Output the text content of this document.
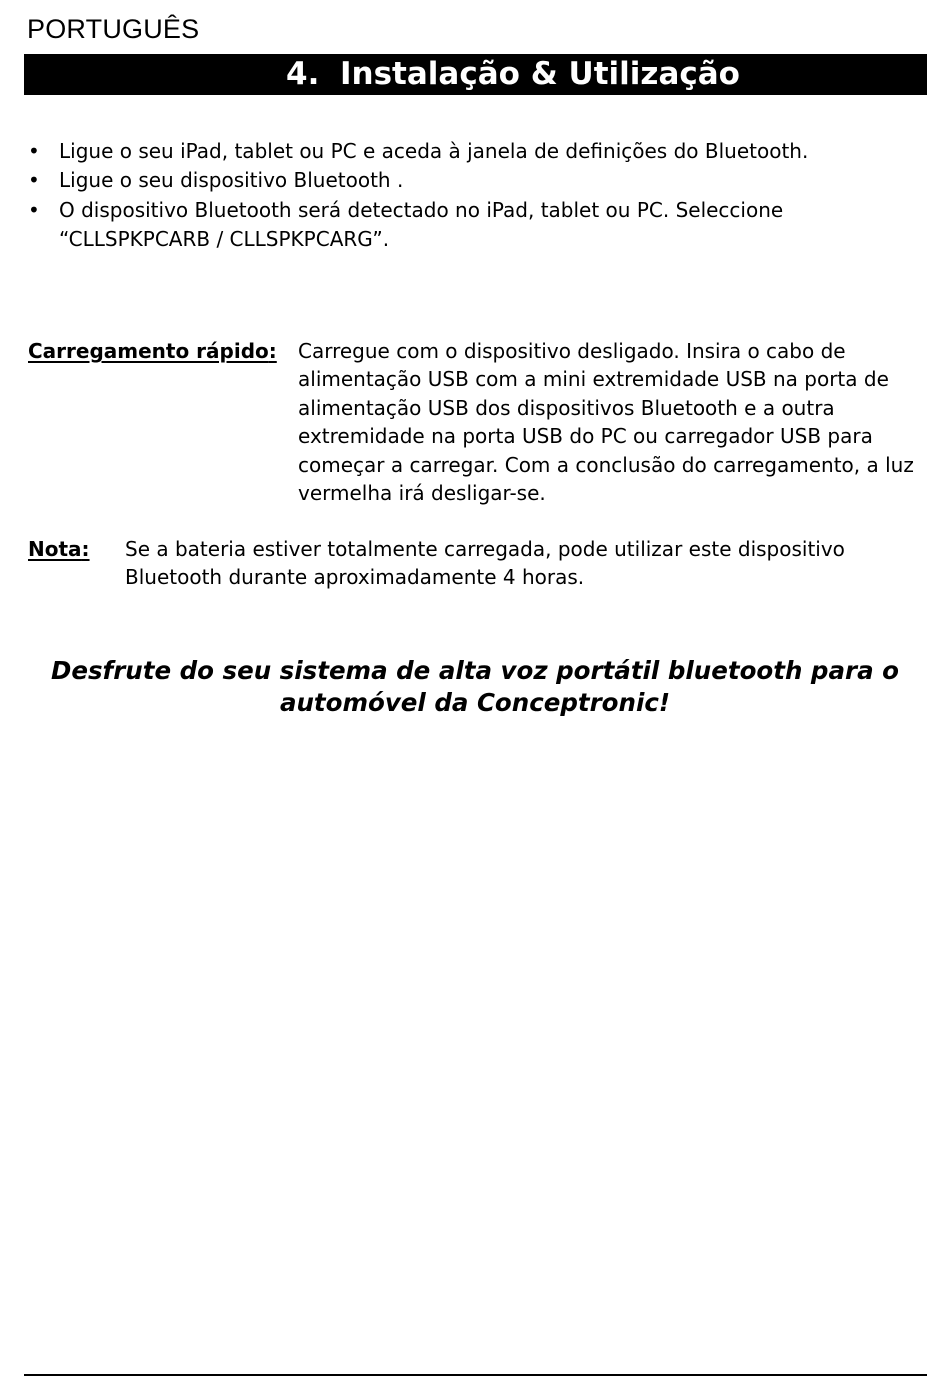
PORTUGUÊS
4. Instalação & Utilização
• Ligue o seu iPad, tablet ou PC e aceda à janela de definições do Bluetooth.
• Ligue o seu dispositivo Bluetooth .
• O dispositivo Bluetooth será detectado no iPad, tablet ou PC. Seleccione “CLLSPKPCARB / CLLSPKPCARG”.
Carregamento rápido: Carregue com o dispositivo desligado. Insira o cabo de alimentação USB com a mini extremidade USB na porta de alimentação USB dos dispositivos Bluetooth e a outra extremidade na porta USB do PC ou carregador USB para começar a carregar. Com a conclusão do carregamento, a luz vermelha irá desligar-se.
Nota: Se a bateria estiver totalmente carregada, pode utilizar este dispositivo Bluetooth durante aproximadamente 4 horas.
Desfrute do seu sistema de alta voz portátil bluetooth para o automóvel da Conceptronic!
